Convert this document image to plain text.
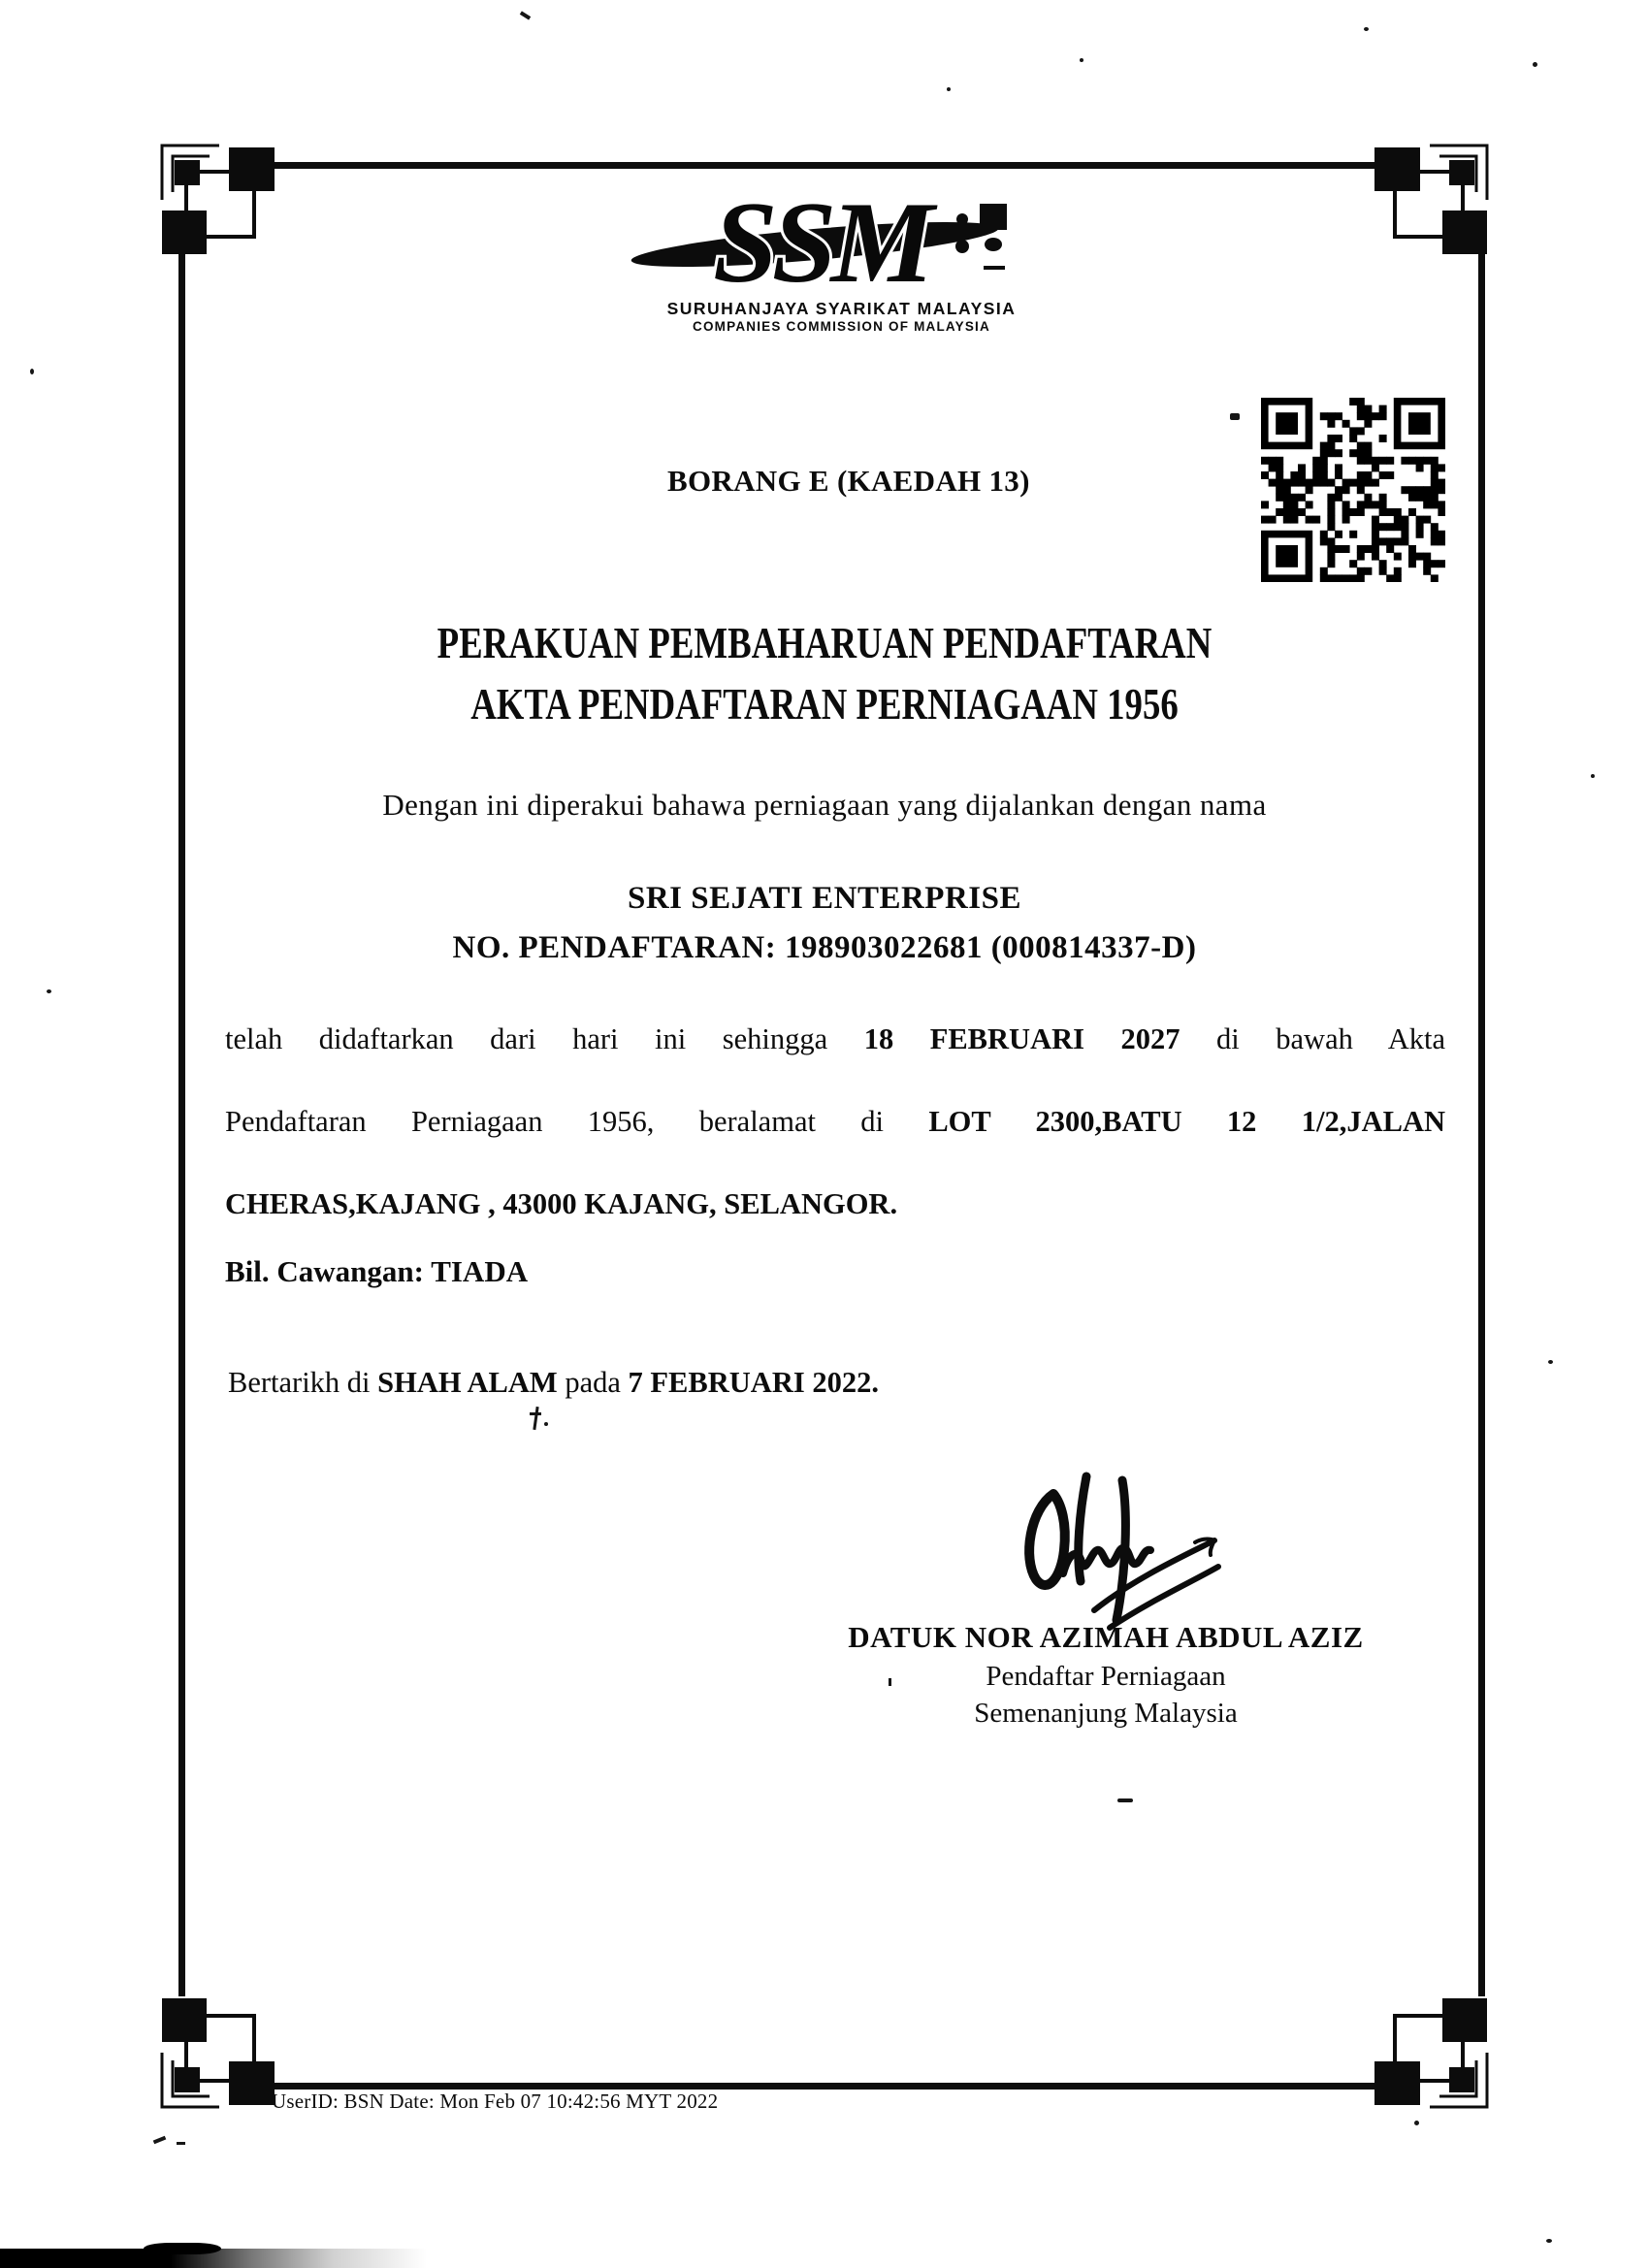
SSM
SURUHANJAYA SYARIKAT MALAYSIA
COMPANIES COMMISSION OF MALAYSIA
BORANG E (KAEDAH 13)
PERAKUAN PEMBAHARUAN PENDAFTARAN
AKTA PENDAFTARAN PERNIAGAAN 1956
Dengan ini diperakui bahawa perniagaan yang dijalankan dengan nama
SRI SEJATI ENTERPRISE
NO. PENDAFTARAN: 198903022681 (000814337-D)
telah didaftarkan dari hari ini sehingga 18 FEBRUARI 2027 di bawah Akta
Pendaftaran Perniagaan 1956, beralamat di LOT 2300,BATU 12 1/2,JALAN
CHERAS,KAJANG , 43000 KAJANG, SELANGOR.
Bil. Cawangan: TIADA
Bertarikh di SHAH ALAM pada 7 FEBRUARI 2022.
DATUK NOR AZIMAH ABDUL AZIZ
Pendaftar Perniagaan
Semenanjung Malaysia
UserID: BSN Date: Mon Feb 07 10:42:56 MYT 2022
